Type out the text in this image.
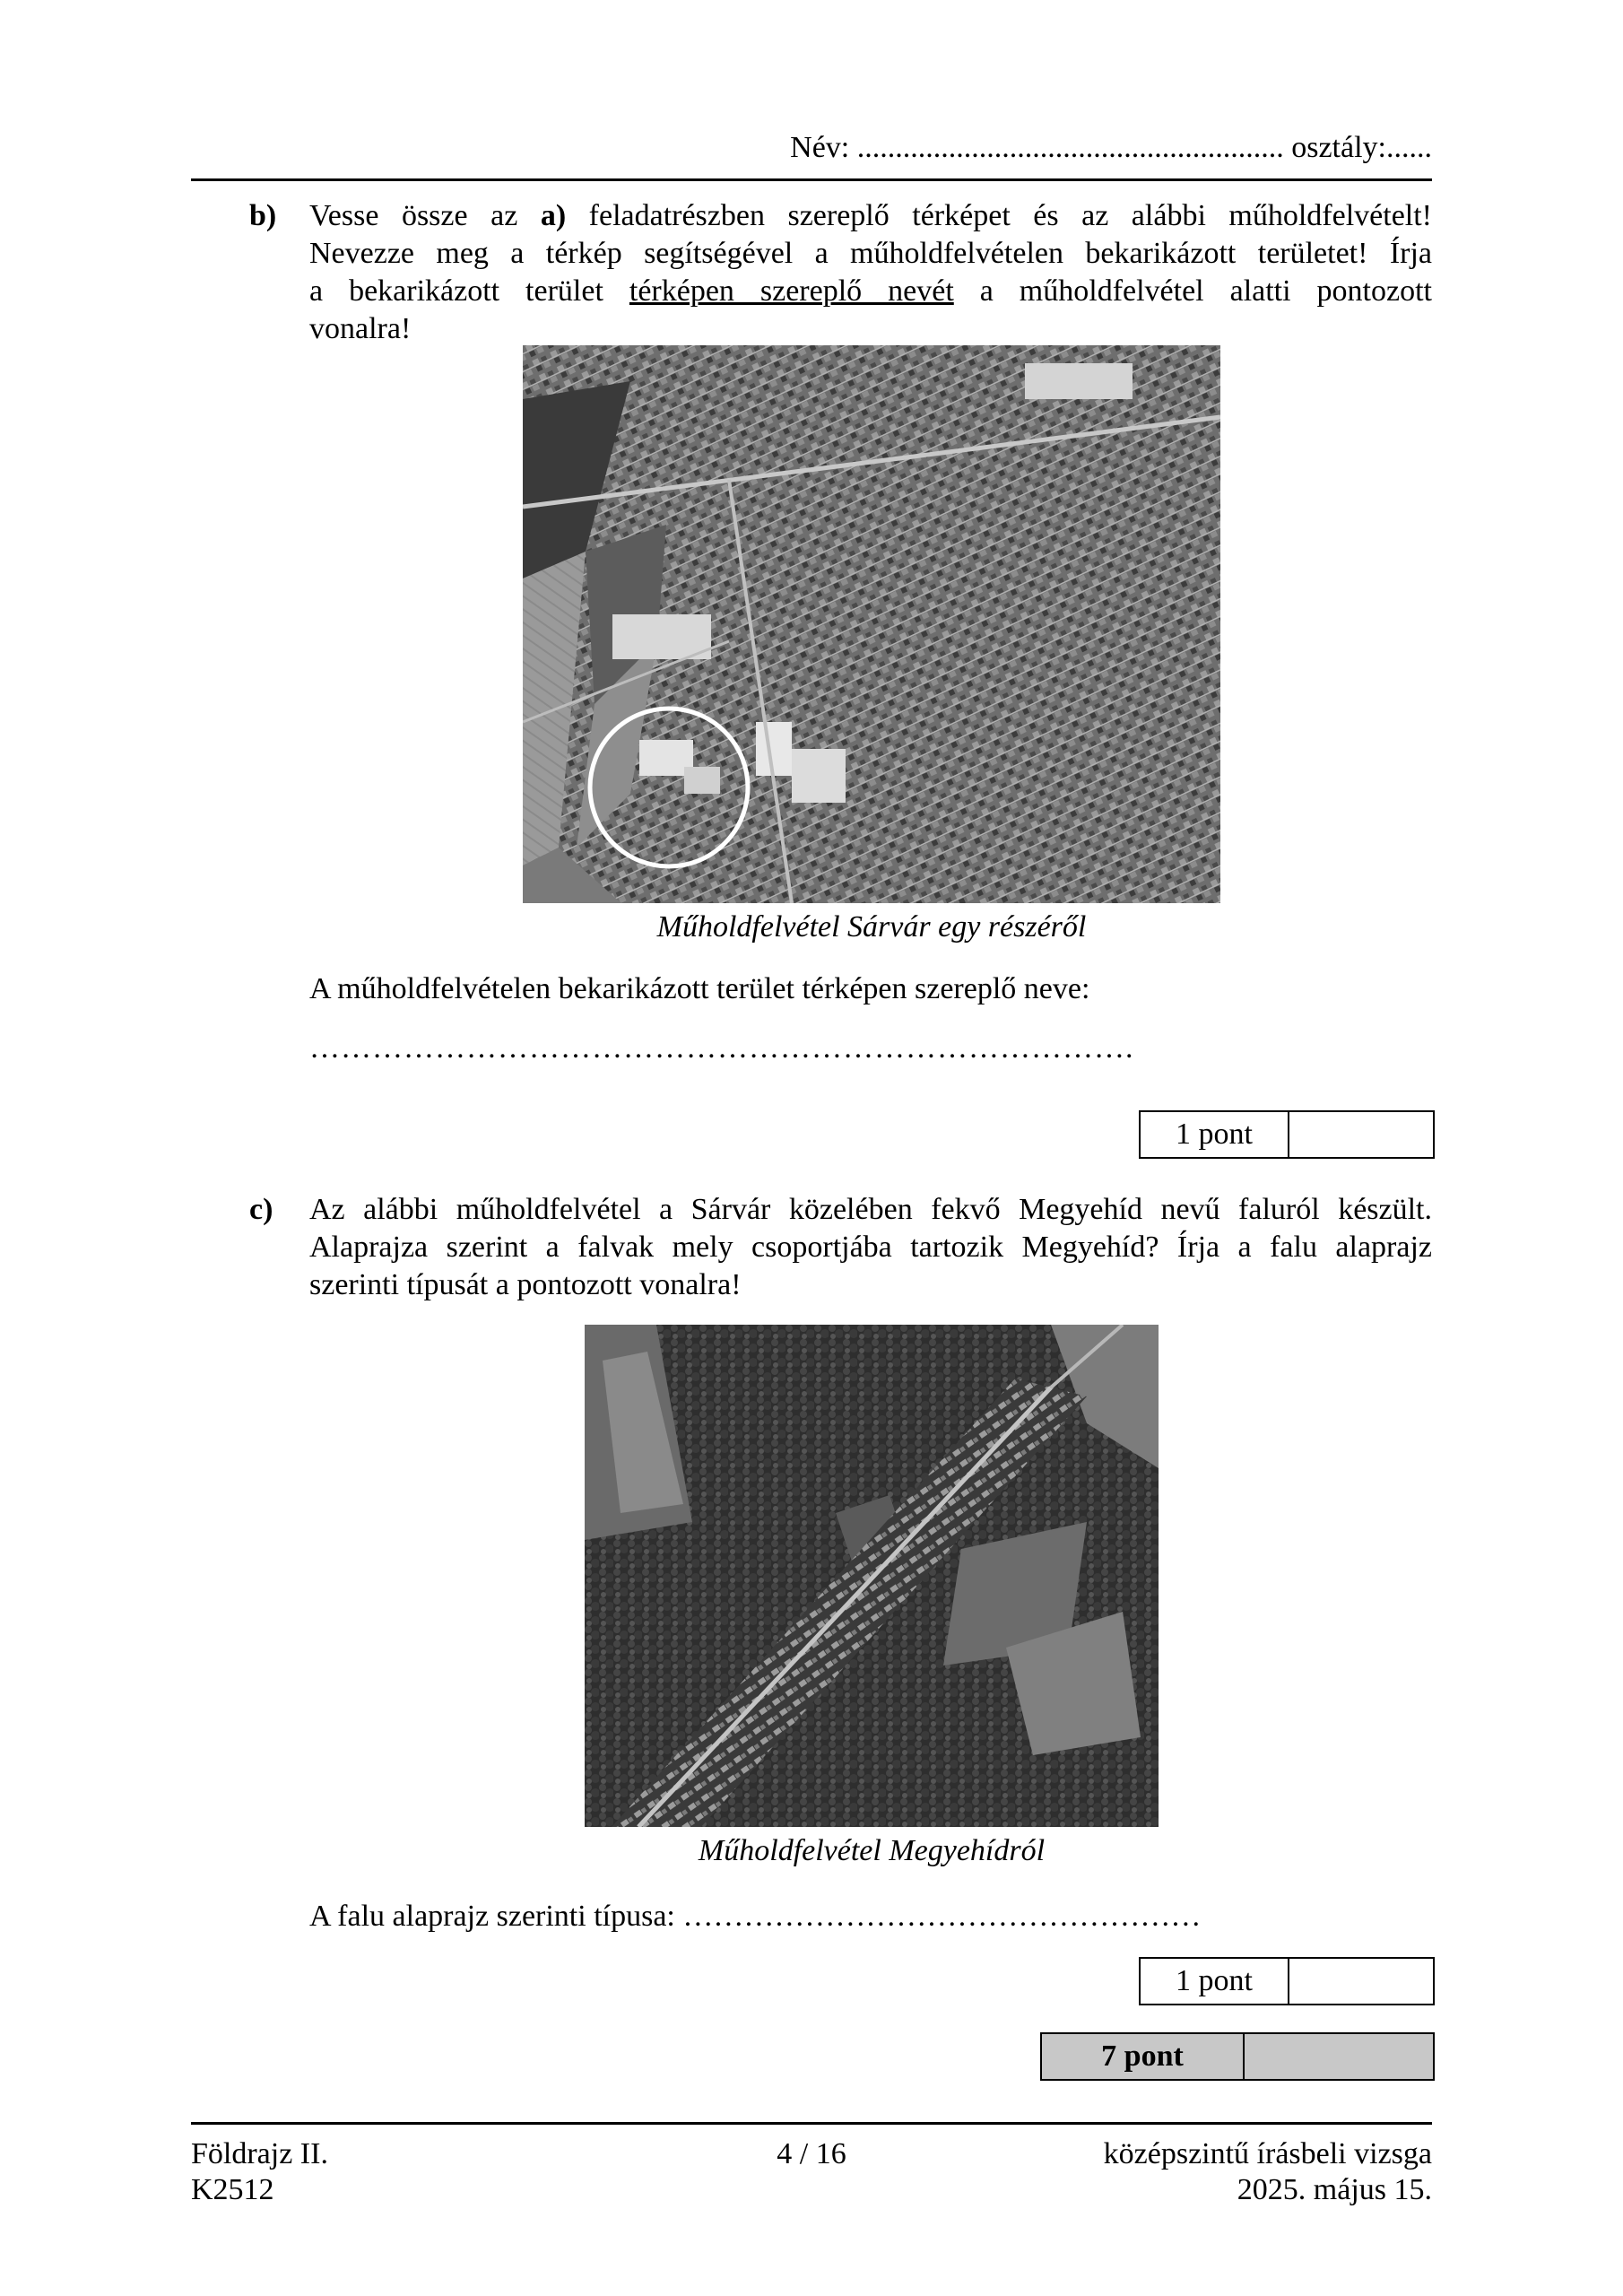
Név: ........................................................ osztály:......
b) Vesse össze az a) feladatrészben szereplő térképet és az alábbi műholdfelvételt!
Nevezze meg a térkép segítségével a műholdfelvételen bekarikázott területet! Írja
a bekarikázott terület térképen szereplő nevét a műholdfelvétel alatti pontozott
vonalra!
Műholdfelvétel Sárvár egy részéről
A műholdfelvételen bekarikázott terület térképen szereplő neve:
…………………………………………………………………….
1 pont	
c) Az alábbi műholdfelvétel a Sárvár közelében fekvő Megyehíd nevű faluról készült.
Alaprajza szerint a falvak mely csoportjába tartozik Megyehíd? Írja a falu alaprajz
szerinti típusát a pontozott vonalra!
Műholdfelvétel Megyehídról
A falu alaprajz szerinti típusa: ……………………………………………
1 pont	
7 pont	
Földrajz II.
K2512
4 / 16	középszintű írásbeli vizsga
2025. május 15.
